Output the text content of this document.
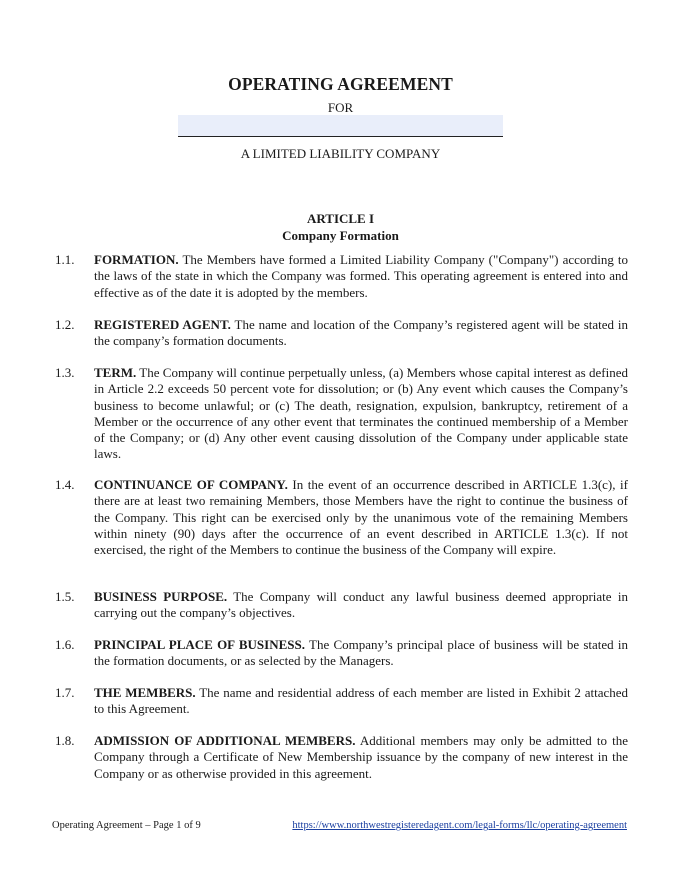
OPERATING AGREEMENT
FOR
A LIMITED LIABILITY COMPANY
ARTICLE I
Company Formation
1.1. FORMATION. The Members have formed a Limited Liability Company ("Company") according to the laws of the state in which the Company was formed. This operating agreement is entered into and effective as of the date it is adopted by the members.
1.2. REGISTERED AGENT. The name and location of the Company’s registered agent will be stated in the company’s formation documents.
1.3. TERM. The Company will continue perpetually unless, (a) Members whose capital interest as defined in Article 2.2 exceeds 50 percent vote for dissolution; or (b) Any event which causes the Company’s business to become unlawful; or (c) The death, resignation, expulsion, bankruptcy, retirement of a Member or the occurrence of any other event that terminates the continued membership of a Member of the Company; or (d) Any other event causing dissolution of the Company under applicable state laws.
1.4. CONTINUANCE OF COMPANY. In the event of an occurrence described in ARTICLE 1.3(c), if there are at least two remaining Members, those Members have the right to continue the business of the Company. This right can be exercised only by the unanimous vote of the remaining Members within ninety (90) days after the occurrence of an event described in ARTICLE 1.3(c). If not exercised, the right of the Members to continue the business of the Company will expire.
1.5. BUSINESS PURPOSE. The Company will conduct any lawful business deemed appropriate in carrying out the company’s objectives.
1.6. PRINCIPAL PLACE OF BUSINESS. The Company’s principal place of business will be stated in the formation documents, or as selected by the Managers.
1.7. THE MEMBERS. The name and residential address of each member are listed in Exhibit 2 attached to this Agreement.
1.8. ADMISSION OF ADDITIONAL MEMBERS. Additional members may only be admitted to the Company through a Certificate of New Membership issuance by the company of new interest in the Company or as otherwise provided in this agreement.
Operating Agreement – Page 1 of 9	https://www.northwestregisteredagent.com/legal-forms/llc/operating-agreement
